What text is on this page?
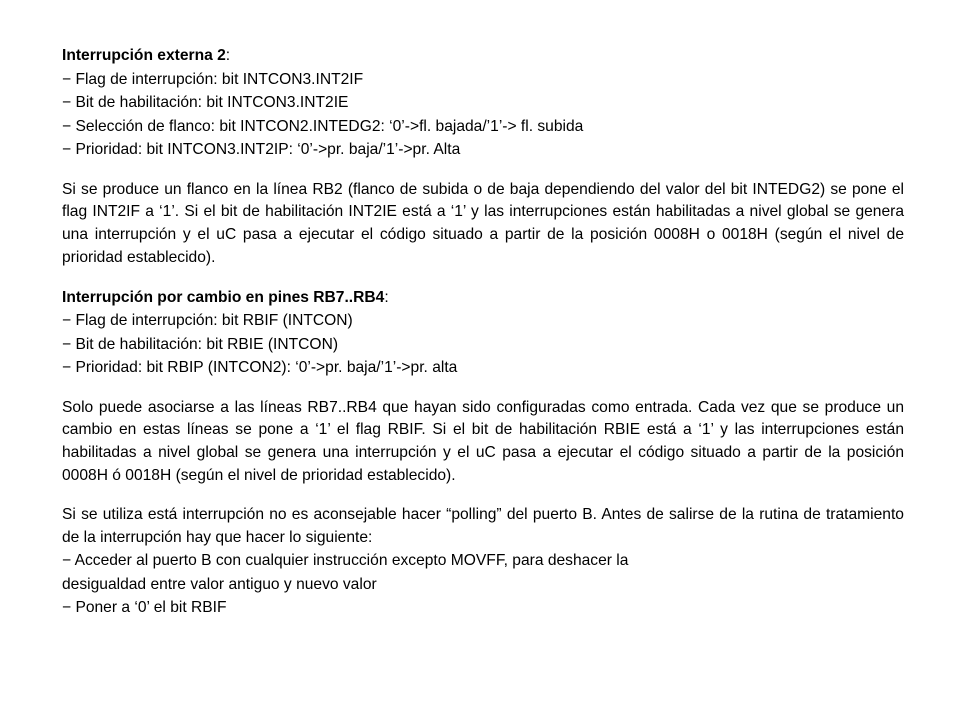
Interrupción externa 2:

− Flag de interrupción: bit INTCON3.INT2IF

− Bit de habilitación: bit INTCON3.INT2IE

− Selección de flanco: bit INTCON2.INTEDG2: ‘0’->fl. bajada/’1’-> fl. subida

− Prioridad: bit INTCON3.INT2IP: ‘0’->pr. baja/’1’->pr. Alta

Si se produce un flanco en la línea RB2 (flanco de subida o de baja dependiendo del valor del bit INTEDG2) se pone el flag INT2IF a ‘1’. Si el bit de habilitación INT2IE está a ‘1’ y las interrupciones están habilitadas a nivel global se genera una interrupción y el uC pasa a ejecutar el código situado a partir de la posición 0008H o 0018H (según el nivel de prioridad establecido).

Interrupción por cambio en pines RB7..RB4:

− Flag de interrupción: bit RBIF (INTCON)

− Bit de habilitación: bit RBIE (INTCON)

− Prioridad: bit RBIP (INTCON2): ‘0’->pr. baja/’1’->pr. alta

Solo puede asociarse a las líneas RB7..RB4 que hayan sido configuradas como entrada. Cada vez que se produce un cambio en estas líneas se pone a ‘1’ el flag RBIF. Si el bit de habilitación RBIE está a ‘1’ y las interrupciones están habilitadas a nivel global se genera una interrupción y el uC pasa a ejecutar el código situado a partir de la posición 0008H ó 0018H (según el nivel de prioridad establecido).

Si se utiliza está interrupción no es aconsejable hacer “polling” del puerto B. Antes de salirse de la rutina de tratamiento de la interrupción hay que hacer lo siguiente:

− Acceder al puerto B con cualquier instrucción excepto MOVFF, para deshacer la

desigualdad entre valor antiguo y nuevo valor

− Poner a ‘0’ el bit RBIF
